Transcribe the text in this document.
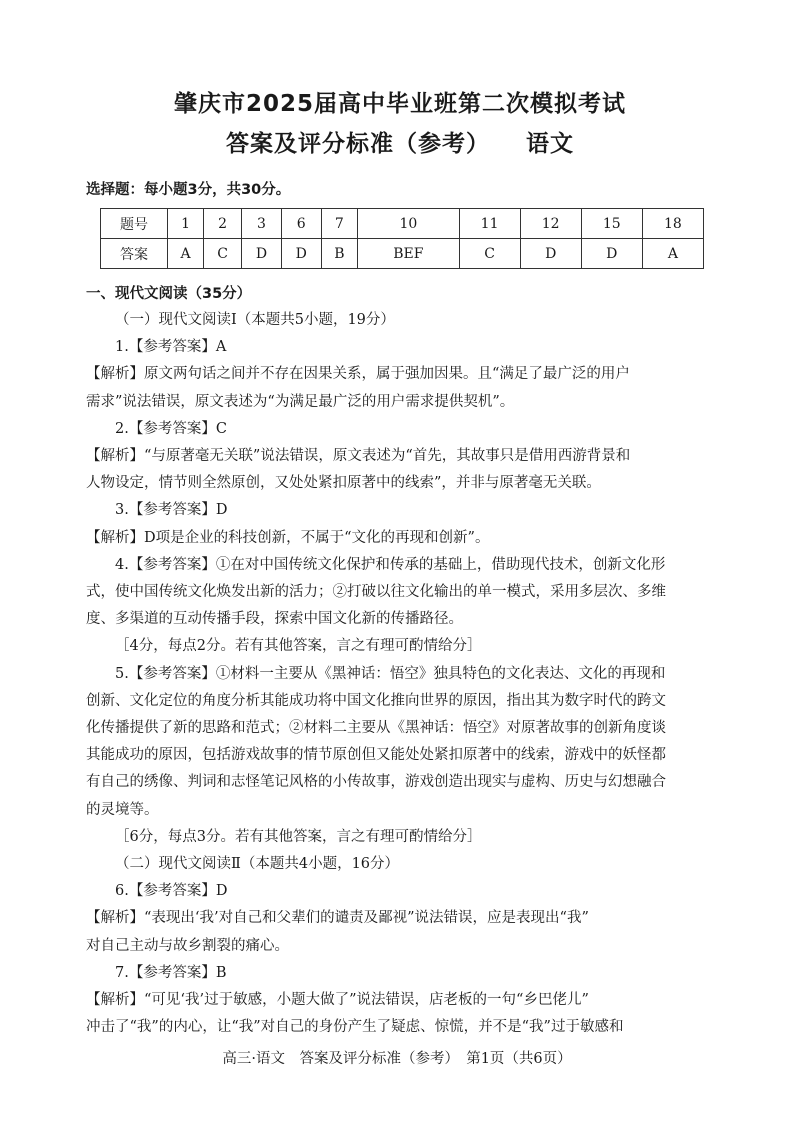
肇庆市2025届高中毕业班第二次模拟考试
答案及评分标准（参考） 语文
选择题：每小题3分，共30分。
题号	1	2	3	6	7	10	11	12	15	18
答案	A	C	D	D	B	BEF	C	D	D	A
一、现代文阅读（35分）

（一）现代文阅读Ⅰ（本题共5小题，19分）

1.【参考答案】A

【解析】原文两句话之间并不存在因果关系，属于强加因果。且“满足了最广泛的用户

需求”说法错误，原文表述为“为满足最广泛的用户需求提供契机”。

2.【参考答案】C

【解析】“与原著毫无关联”说法错误，原文表述为“首先，其故事只是借用西游背景和

人物设定，情节则全然原创，又处处紧扣原著中的线索”，并非与原著毫无关联。

3.【参考答案】D

【解析】D项是企业的科技创新，不属于“文化的再现和创新”。

4.【参考答案】①在对中国传统文化保护和传承的基础上，借助现代技术，创新文化形

式，使中国传统文化焕发出新的活力；②打破以往文化输出的单一模式，采用多层次、多维

度、多渠道的互动传播手段，探索中国文化新的传播路径。

［4分，每点2分。若有其他答案，言之有理可酌情给分］

5.【参考答案】①材料一主要从《黑神话：悟空》独具特色的文化表达、文化的再现和

创新、文化定位的角度分析其能成功将中国文化推向世界的原因，指出其为数字时代的跨文

化传播提供了新的思路和范式；②材料二主要从《黑神话：悟空》对原著故事的创新角度谈

其能成功的原因，包括游戏故事的情节原创但又能处处紧扣原著中的线索，游戏中的妖怪都

有自己的绣像、判词和志怪笔记风格的小传故事，游戏创造出现实与虚构、历史与幻想融合

的灵境等。

［6分，每点3分。若有其他答案，言之有理可酌情给分］

（二）现代文阅读Ⅱ（本题共4小题，16分）

6.【参考答案】D

【解析】“表现出‘我’对自己和父辈们的谴责及鄙视”说法错误，应是表现出“我”

对自己主动与故乡割裂的痛心。

7.【参考答案】B

【解析】“可见‘我’过于敏感，小题大做了”说法错误，店老板的一句“乡巴佬儿”

冲击了“我”的内心，让“我”对自己的身份产生了疑虑、惊慌，并不是“我”过于敏感和

高三·语文　答案及评分标准（参考）　第1页（共6页）
